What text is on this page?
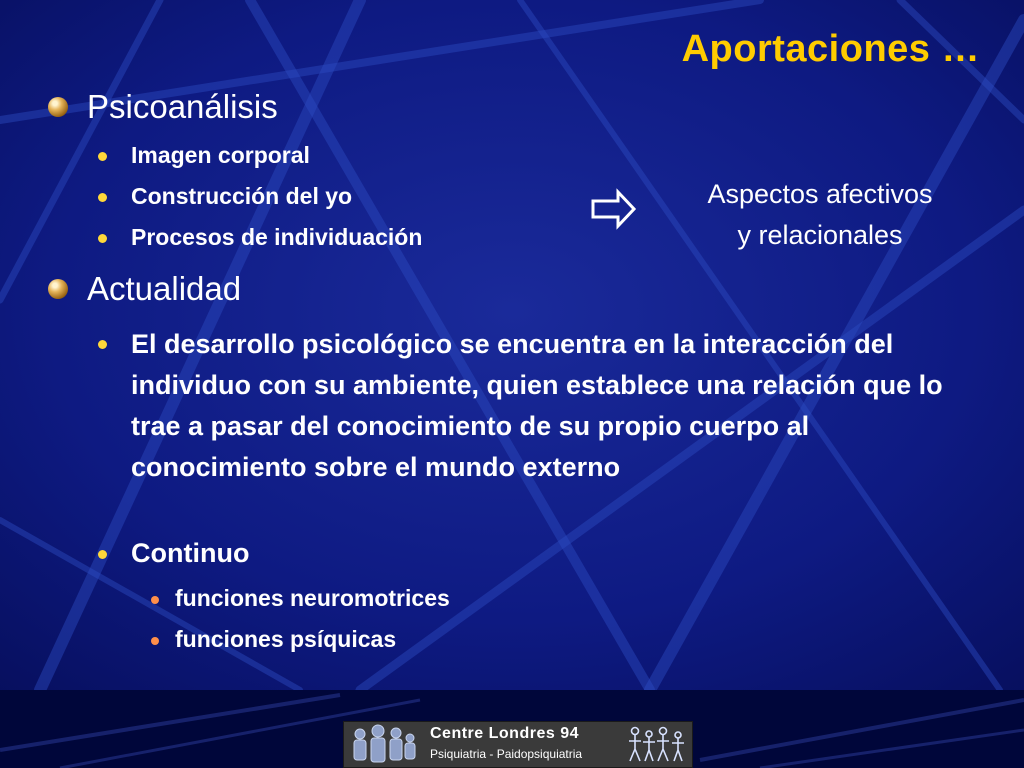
Aportaciones …
Psicoanálisis
Imagen corporal
Construcción del yo
Procesos de individuación
Aspectos afectivos
y relacionales
Actualidad
El desarrollo psicológico se encuentra en la interacción del individuo con su ambiente, quien establece una relación que lo trae a pasar del conocimiento de su propio cuerpo al conocimiento sobre el mundo externo
Continuo
funciones neuromotrices
funciones psíquicas
Centre Londres 94
Psiquiatria - Paidopsiquiatria
